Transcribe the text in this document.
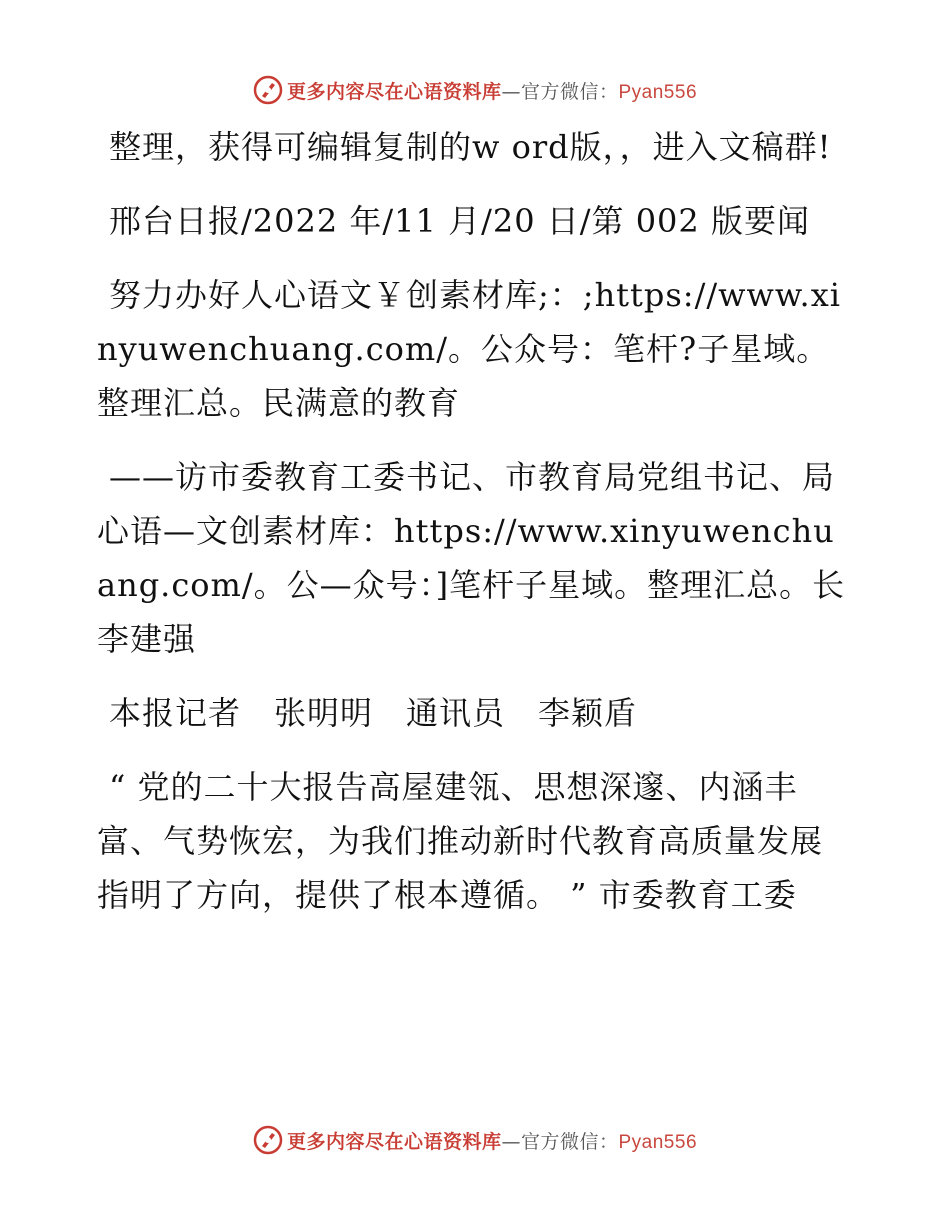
更多内容尽在心语资料库—官方微信：Pyan556

整理，获得可编辑复制的w ord版，，进入文稿群!

邢台日报/2022 年/11 月/20 日/第 002 版要闻

努力办好人心语文￥创素材库;：;https://www.xinyuwenchuang.com/。公众号：笔杆?子星域。整理汇总。民满意的教育

——访市委教育工委书记、市教育局党组书记、局心语—文创素材库：https://www.xinyuwenchuang.com/。公—众号：]笔杆子星域。整理汇总。长李建强

本报记者　张明明　通讯员　李颖盾

“ 党的二十大报告高屋建瓴、思想深邃、内涵丰富、气势恢宏，为我们推动新时代教育高质量发展指明了方向，提供了根本遵循。 ” 市委教育工委

更多内容尽在心语资料库—官方微信：Pyan556
